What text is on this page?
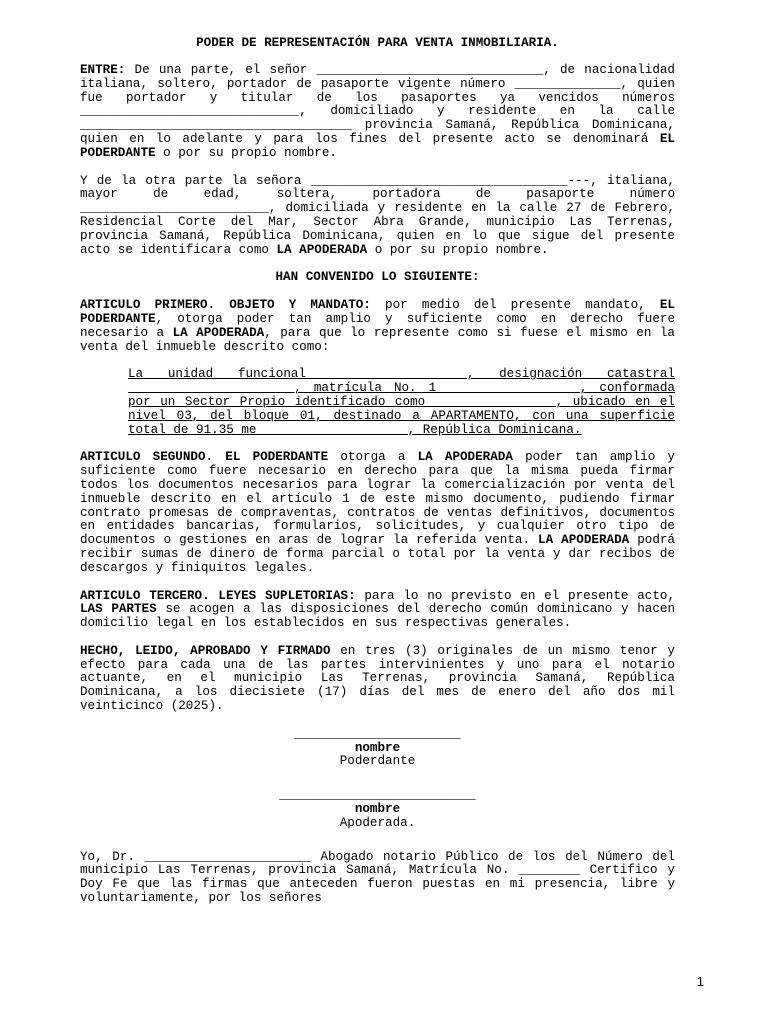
PODER DE REPRESENTACIÓN PARA VENTA INMOBILIARIA.

ENTRE: De una parte, el señor ______________________________, de nacionalidad italiana, soltero, portador de pasaporte vigente número ______________, quien fue portador y titular de los pasaportes ya vencidos números _____________________________, domiciliado y residente en la calle ____________________________________ provincia Samaná, República Dominicana, quien en lo adelante y para los fines del presente acto se denominará EL PODERDANTE o por su propio nombre.

Y de la otra parte la señora __________________________________---, italiana, mayor de edad, soltera, portadora de pasaporte número _________________________, domiciliada y residente en la calle 27 de Febrero, Residencial Corte del Mar, Sector Abra Grande, municipio Las Terrenas, provincia Samaná, República Dominicana, quien en lo que sigue del presente acto se identificara como LA APODERADA o por su propio nombre.

HAN CONVENIDO LO SIGUIENTE:

ARTICULO PRIMERO. OBJETO Y MANDATO: por medio del presente mandato, EL PODERDANTE, otorga poder tan amplio y suficiente como en derecho fuere necesario a LA APODERADA, para que lo represente como si fuese el mismo en la venta del inmueble descrito como:

La unidad funcional __________________, designación catastral ______________________, matrícula No. 1___________________, conformada por un Sector Propio identificado como ________________, ubicado en el nivel 03, del bloque 01, destinado a APARTAMENTO, con una superficie total de 91.35 me ___________________, República Dominicana.

ARTICULO SEGUNDO. EL PODERDANTE otorga a LA APODERADA poder tan amplio y suficiente como fuere necesario en derecho para que la misma pueda firmar todos los documentos necesarios para lograr la comercialización por venta del inmueble descrito en el artículo 1 de este mismo documento, pudiendo firmar contrato promesas de compraventas, contratos de ventas definitivos, documentos en entidades bancarias, formularios, solicitudes, y cualquier otro tipo de documentos o gestiones en aras de lograr la referida venta. LA APODERADA podrá recibir sumas de dinero de forma parcial o total por la venta y dar recibos de descargos y finiquitos legales.

ARTICULO TERCERO. LEYES SUPLETORIAS: para lo no previsto en el presente acto, LAS PARTES se acogen a las disposiciones del derecho común dominicano y hacen domicilio legal en los establecidos en sus respectivas generales.

HECHO, LEIDO, APROBADO Y FIRMADO en tres (3) originales de un mismo tenor y efecto para cada una de las partes intervinientes y uno para el notario actuante, en el municipio Las Terrenas, provincia Samaná, República Dominicana, a los diecisiete (17) días del mes de enero del año dos mil veinticinco (2025).

______________________
nombre
Poderdante
__________________________
nombre
Apoderada.

Yo, Dr. ______________________ Abogado notario Público de los del Número del municipio Las Terrenas, provincia Samaná, Matrícula No. ________ Certifico y Doy Fe que las firmas que anteceden fueron puestas en mi presencia, libre y voluntariamente, por los señores

1
